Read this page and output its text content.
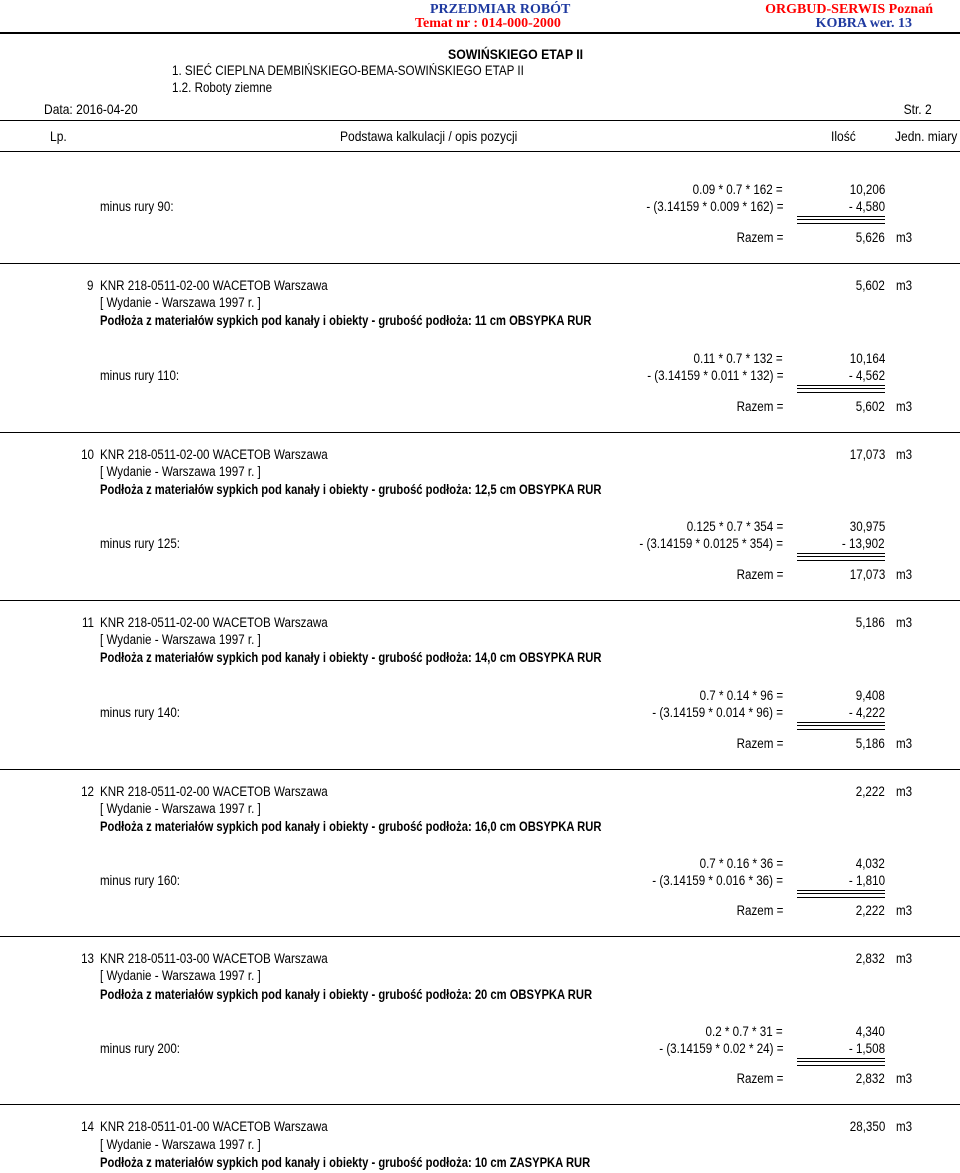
PRZEDMIAR ROBÓT
Temat nr : 014-000-2000
ORGBUD-SERWIS Poznań
KOBRA wer. 13
SOWIŃSKIEGO ETAP II
1. SIEĆ CIEPLNA DEMBIŃSKIEGO-BEMA-SOWIŃSKIEGO ETAP II
1.2. Roboty ziemne
Data: 2016-04-20	Str. 2
Lp.	Podstawa kalkulacji / opis pozycji	Ilość	Jedn. miary
0.09 * 0.7 * 162 =	10,206
minus rury 90:	- (3.14159 * 0.009 * 162) =	- 4,580
Razem =	5,626 m3
9 KNR 218-0511-02-00 WACETOB Warszawa	5,602 m3
[ Wydanie - Warszawa 1997 r. ]
Podłoża z materiałów sypkich pod kanały i obiekty - grubość podłoża: 11 cm OBSYPKA RUR
0.11 * 0.7 * 132 =	10,164
minus rury 110:	- (3.14159 * 0.011 * 132) =	- 4,562
Razem =	5,602 m3
10 KNR 218-0511-02-00 WACETOB Warszawa	17,073 m3
[ Wydanie - Warszawa 1997 r. ]
Podłoża z materiałów sypkich pod kanały i obiekty - grubość podłoża: 12,5 cm OBSYPKA RUR
0.125 * 0.7 * 354 =	30,975
minus rury 125:	- (3.14159 * 0.0125 * 354) =	- 13,902
Razem =	17,073 m3
11 KNR 218-0511-02-00 WACETOB Warszawa	5,186 m3
[ Wydanie - Warszawa 1997 r. ]
Podłoża z materiałów sypkich pod kanały i obiekty - grubość podłoża: 14,0 cm OBSYPKA RUR
0.7 * 0.14 * 96 =	9,408
minus rury 140:	- (3.14159 * 0.014 * 96) =	- 4,222
Razem =	5,186 m3
12 KNR 218-0511-02-00 WACETOB Warszawa	2,222 m3
[ Wydanie - Warszawa 1997 r. ]
Podłoża z materiałów sypkich pod kanały i obiekty - grubość podłoża: 16,0 cm OBSYPKA RUR
0.7 * 0.16 * 36 =	4,032
minus rury 160:	- (3.14159 * 0.016 * 36) =	- 1,810
Razem =	2,222 m3
13 KNR 218-0511-03-00 WACETOB Warszawa	2,832 m3
[ Wydanie - Warszawa 1997 r. ]
Podłoża z materiałów sypkich pod kanały i obiekty - grubość podłoża: 20 cm OBSYPKA RUR
0.2 * 0.7 * 31 =	4,340
minus rury 200:	- (3.14159 * 0.02 * 24) =	- 1,508
Razem =	2,832 m3
14 KNR 218-0511-01-00 WACETOB Warszawa	28,350 m3
[ Wydanie - Warszawa 1997 r. ]
Podłoża z materiałów sypkich pod kanały i obiekty - grubość podłoża: 10 cm ZASYPKA RUR
